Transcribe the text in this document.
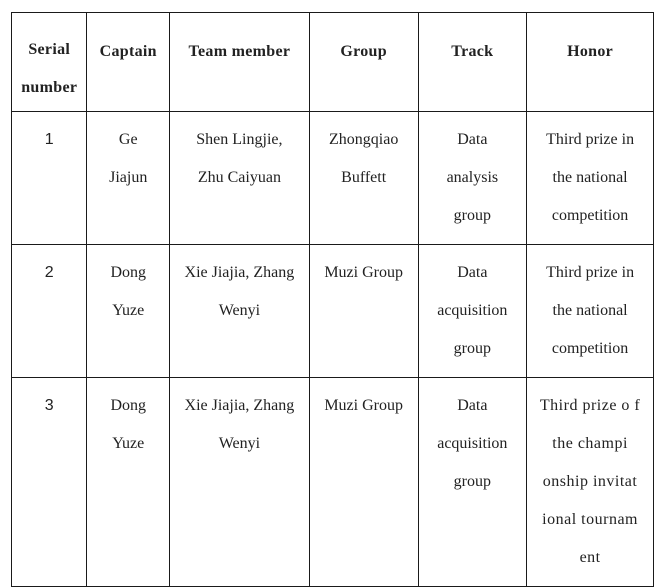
Serial number	Captain	Team member	Group	Track	Honor
1	Ge Jiajun	Shen Lingjie, Zhu Caiyuan	Zhongqiao Buffett	Data analysis group	Third prize in the national competition
2	Dong Yuze	Xie Jiajia, Zhang Wenyi	Muzi Group	Data acquisition group	Third prize in the national competition
3	Dong Yuze	Xie Jiajia, Zhang Wenyi	Muzi Group	Data acquisition group	Third prize o f the champi onship invitat ional tournam ent
